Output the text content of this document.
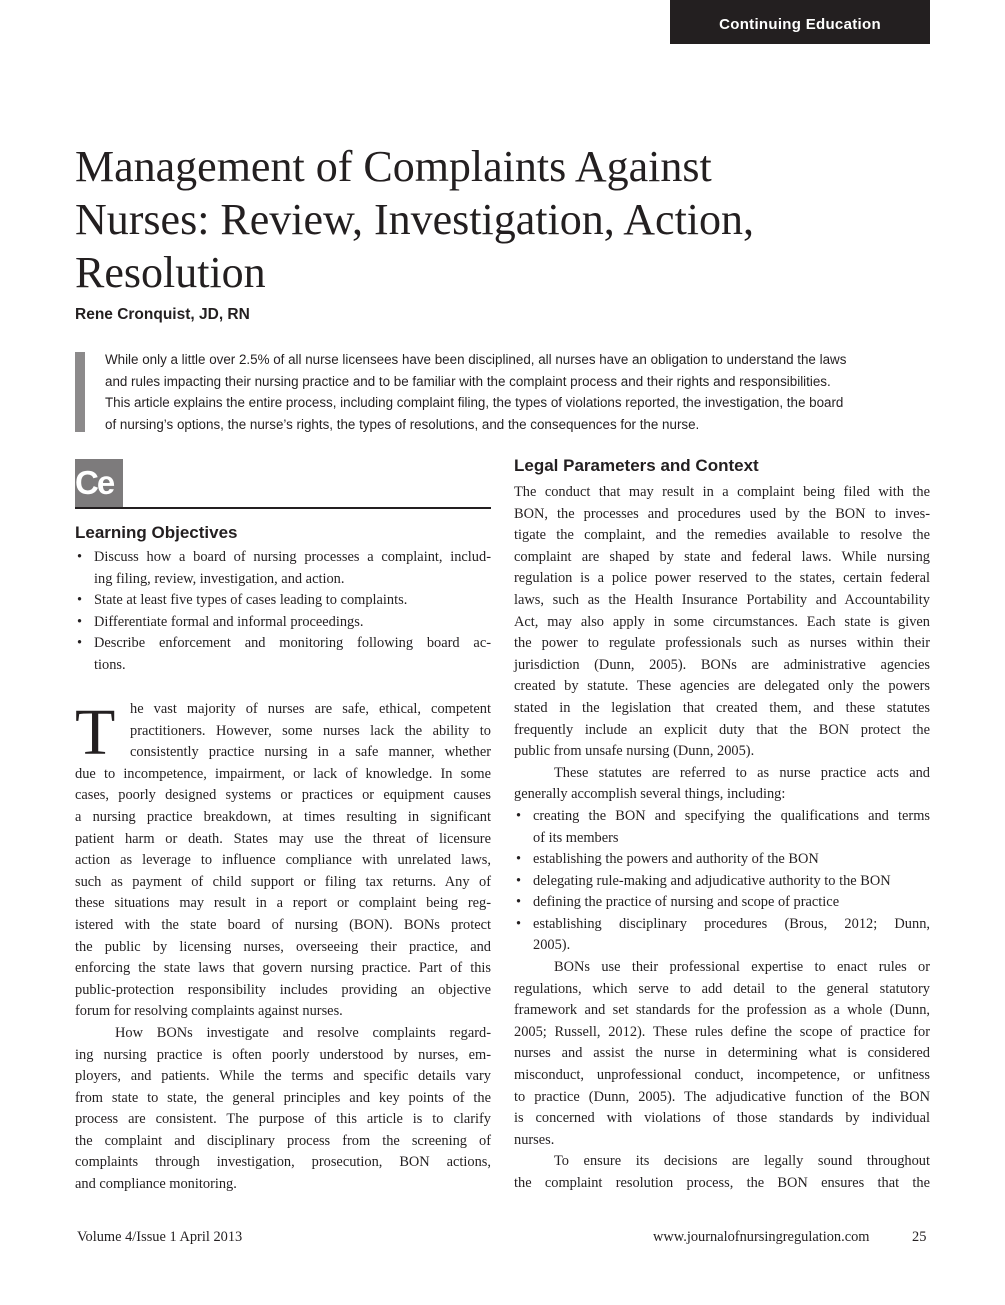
Continuing Education
Management of Complaints Against
Nurses: Review, Investigation, Action,
Resolution
Rene Cronquist, JD, RN
While only a little over 2.5% of all nurse licensees have been disciplined, all nurses have an obligation to understand the laws
and rules impacting their nursing practice and to be familiar with the complaint process and their rights and responsibilities.
This article explains the entire process, including complaint filing, the types of violations reported, the investigation, the board
of nursing’s options, the nurse’s rights, the types of resolutions, and the consequences for the nurse.
Ce
Learning Objectives
• Discuss how a board of nursing processes a complaint, includ-
ing filing, review, investigation, and action.
• State at least five types of cases leading to complaints.
• Differentiate formal and informal proceedings.
• Describe enforcement and monitoring following board ac-
tions.
T he vast majority of nurses are safe, ethical, competent
practitioners. However, some nurses lack the ability to
consistently practice nursing in a safe manner, whether
due to incompetence, impairment, or lack of knowledge. In some
cases, poorly designed systems or practices or equipment causes
a nursing practice breakdown, at times resulting in significant
patient harm or death. States may use the threat of licensure
action as leverage to influence compliance with unrelated laws,
such as payment of child support or filing tax returns. Any of
these situations may result in a report or complaint being reg-
istered with the state board of nursing (BON). BONs protect
the public by licensing nurses, overseeing their practice, and
enforcing the state laws that govern nursing practice. Part of this
public-protection responsibility includes providing an objective
forum for resolving complaints against nurses.
How BONs investigate and resolve complaints regard-
ing nursing practice is often poorly understood by nurses, em-
ployers, and patients. While the terms and specific details vary
from state to state, the general principles and key points of the
process are consistent. The purpose of this article is to clarify
the complaint and disciplinary process from the screening of
complaints through investigation, prosecution, BON actions,
and compliance monitoring.
Legal Parameters and Context
The conduct that may result in a complaint being filed with the
BON, the processes and procedures used by the BON to inves-
tigate the complaint, and the remedies available to resolve the
complaint are shaped by state and federal laws. While nursing
regulation is a police power reserved to the states, certain federal
laws, such as the Health Insurance Portability and Accountability
Act, may also apply in some circumstances. Each state is given
the power to regulate professionals such as nurses within their
jurisdiction (Dunn, 2005). BONs are administrative agencies
created by statute. These agencies are delegated only the powers
stated in the legislation that created them, and these statutes
frequently include an explicit duty that the BON protect the
public from unsafe nursing (Dunn, 2005).
These statutes are referred to as nurse practice acts and
generally accomplish several things, including:
• creating the BON and specifying the qualifications and terms
of its members
• establishing the powers and authority of the BON
• delegating rule-making and adjudicative authority to the BON
• defining the practice of nursing and scope of practice
• establishing disciplinary procedures (Brous, 2012; Dunn,
2005).
BONs use their professional expertise to enact rules or
regulations, which serve to add detail to the general statutory
framework and set standards for the profession as a whole (Dunn,
2005; Russell, 2012). These rules define the scope of practice for
nurses and assist the nurse in determining what is considered
misconduct, unprofessional conduct, incompetence, or unfitness
to practice (Dunn, 2005). The adjudicative function of the BON
is concerned with violations of those standards by individual
nurses.
To ensure its decisions are legally sound throughout
the complaint resolution process, the BON ensures that the
Volume 4/Issue 1 April 2013	www.journalofnursingregulation.com	25
